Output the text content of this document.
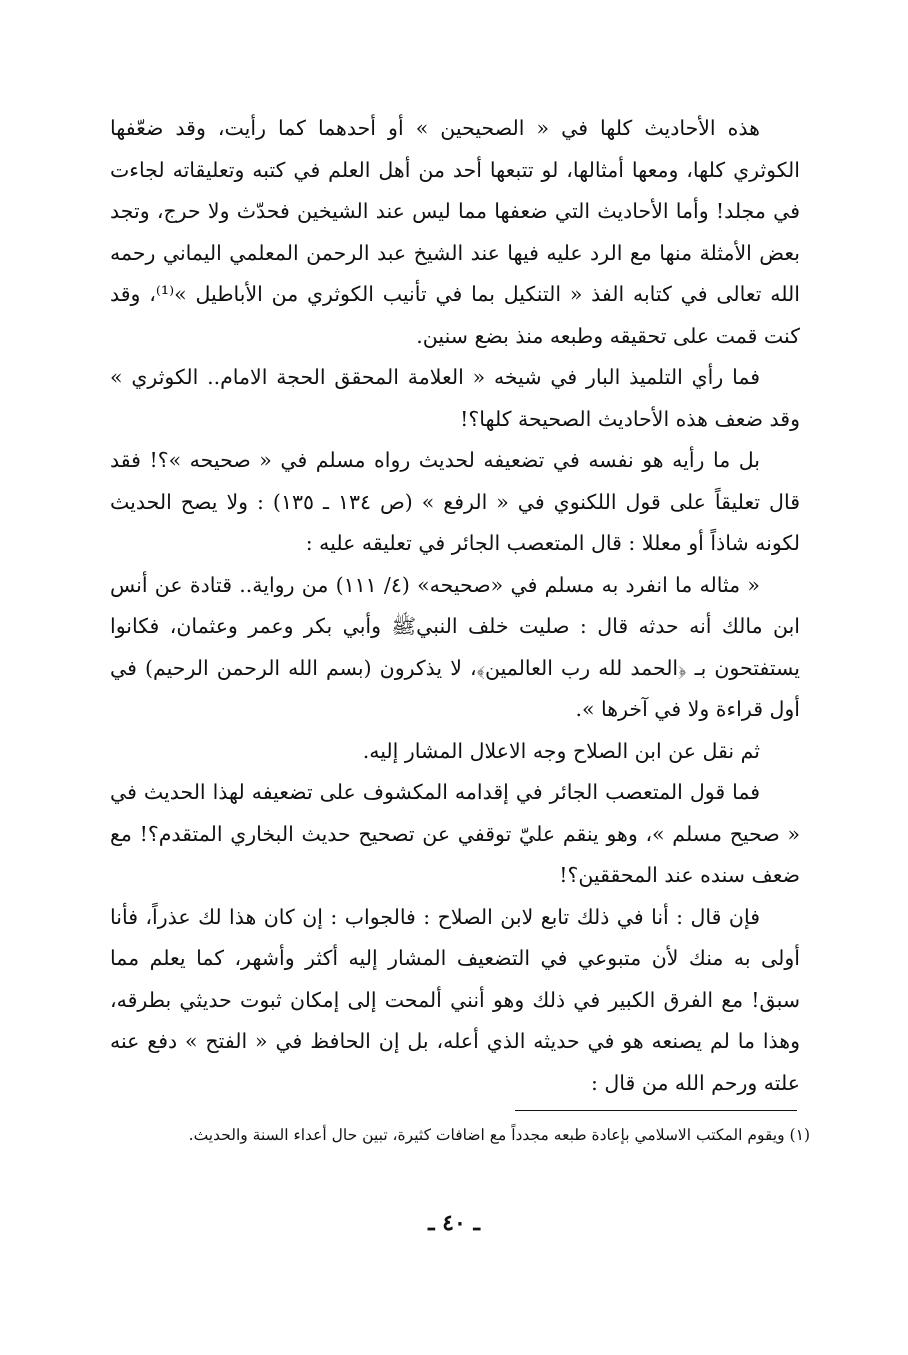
هذه الأحاديث كلها في « الصحيحين » أو أحدهما كما رأيت، وقد ضعّفها الكوثري كلها، ومعها أمثالها، لو تتبعها أحد من أهل العلم في كتبه وتعليقاته لجاءت في مجلد! وأما الأحاديث التي ضعفها مما ليس عند الشيخين فحدّث ولا حرج، وتجد بعض الأمثلة منها مع الرد عليه فيها عند الشيخ عبد الرحمن المعلمي اليماني رحمه الله تعالى في كتابه الفذ « التنكيل بما في تأنيب الكوثري من الأباطيل »⁽¹⁾، وقد كنت قمت على تحقيقه وطبعه منذ بضع سنين.

فما رأي التلميذ البار في شيخه « العلامة المحقق الحجة الامام.. الكوثري » وقد ضعف هذه الأحاديث الصحيحة كلها؟!

بل ما رأيه هو نفسه في تضعيفه لحديث رواه مسلم في « صحيحه »؟! فقد قال تعليقاً على قول اللكنوي في « الرفع » (ص ١٣٤ ـ ١٣٥) : ولا يصح الحديث لكونه شاذاً أو معللا : قال المتعصب الجائر في تعليقه عليه :

« مثاله ما انفرد به مسلم في «صحيحه» (٤/ ١١١) من رواية.. قتادة عن أنس ابن مالك أنه حدثه قال : صليت خلف النبيﷺ وأبي بكر وعمر وعثمان، فكانوا يستفتحون بـ ﴿الحمد لله رب العالمين﴾، لا يذكرون (بسم الله الرحمن الرحيم) في أول قراءة ولا في آخرها ».

ثم نقل عن ابن الصلاح وجه الاعلال المشار إليه.

فما قول المتعصب الجائر في إقدامه المكشوف على تضعيفه لهذا الحديث في « صحيح مسلم »، وهو ينقم عليّ توقفي عن تصحيح حديث البخاري المتقدم؟! مع ضعف سنده عند المحققين؟!

فإن قال : أنا في ذلك تابع لابن الصلاح : فالجواب : إن كان هذا لك عذراً، فأنا أولى به منك لأن متبوعي في التضعيف المشار إليه أكثر وأشهر، كما يعلم مما سبق! مع الفرق الكبير في ذلك وهو أنني ألمحت إلى إمكان ثبوت حديثي بطرقه، وهذا ما لم يصنعه هو في حديثه الذي أعله، بل إن الحافظ في « الفتح » دفع عنه علته ورحم الله من قال :

(١) ويقوم المكتب الاسلامي بإعادة طبعه مجدداً مع اضافات كثيرة، تبين حال أعداء السنة والحديث.
ـ ٤٠ ـ
